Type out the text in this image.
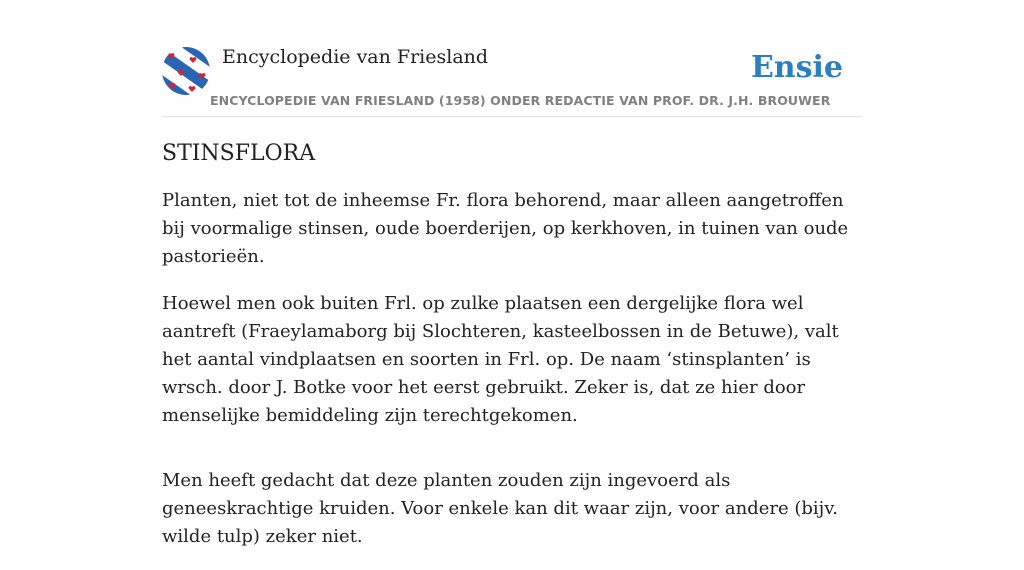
Encyclopedie van Friesland	Ensie
ENCYCLOPEDIE VAN FRIESLAND (1958) ONDER REDACTIE VAN PROF. DR. J.H. BROUWER
STINSFLORA

Planten, niet tot de inheemse Fr. flora behorend, maar alleen aangetroffen bij voormalige stinsen, oude boerderijen, op kerkhoven, in tuinen van oude pastorieën.

Hoewel men ook buiten Frl. op zulke plaatsen een dergelijke flora wel aantreft (Fraeylamaborg bij Slochteren, kasteelbossen in de Betuwe), valt het aantal vindplaatsen en soorten in Frl. op. De naam ‘stinsplanten’ is wrsch. door J. Botke voor het eerst gebruikt. Zeker is, dat ze hier door menselijke bemiddeling zijn terechtgekomen.

Men heeft gedacht dat deze planten zouden zijn ingevoerd als geneeskrachtige kruiden. Voor enkele kan dit waar zijn, voor andere (bijv. wilde tulp) zeker niet.
